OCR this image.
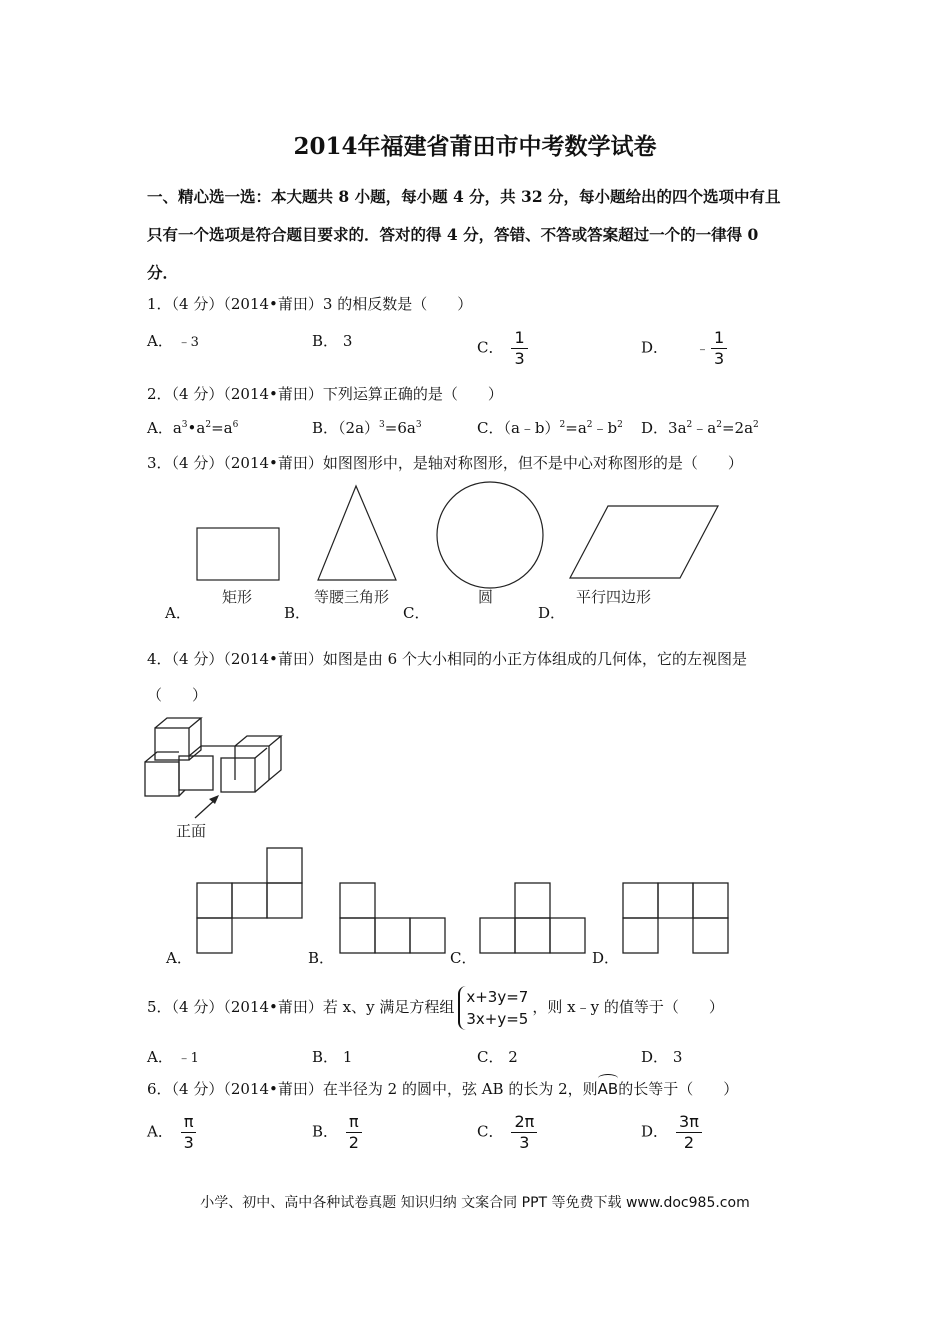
2014年福建省莆田市中考数学试卷
一、精心选一选：本大题共 8 小题，每小题 4 分，共 32 分，每小题给出的四个选项中有且
只有一个选项是符合题目要求的．答对的得 4 分，答错、不答或答案超过一个的一律得 0
分．
1．（4 分）（2014•莆田）3 的相反数是（　　）
A． ﹣3	B． 3	C． $\frac{1}{3}$	D． ﹣ $\frac{1}{3}$
2．（4 分）（2014•莆田）下列运算正确的是（　　）
A．$a^3•a^2=a^6$	B．$(2a)^3=6a^3$	C．$(a﹣b)^2=a^2﹣b^2$ D．$3a^2﹣a^2=2a^2$
3．（4 分）（2014•莆田）如图图形中，是轴对称图形，但不是中心对称图形的是（　　）
矩形	等腰三角形	圆	平行四边形
A．	B．	C．	D．
4．（4 分）（2014•莆田）如图是由 6 个大小相同的小正方体组成的几何体，它的左视图是
（　　）
正面
A．	B．	C．	D．
5．（4 分）（2014•莆田）若 x、y 满足方程组x+3y=7
3x+y=5，则 x﹣y 的值等于（　　）
A． ﹣1	B． 1	C． 2	D． 3
6．（4 分）（2014•莆田）在半径为 2 的圆中，弦 AB 的长为 2，则AB的长等于（　　）
A． $\frac{\pi}{3}$	B． $\frac{\pi}{2}$	C． $\frac{2\pi}{3}$	D． $\frac{3\pi}{2}$
小学、初中、高中各种试卷真题 知识归纳 文案合同 PPT 等免费下载 www.doc985.com
